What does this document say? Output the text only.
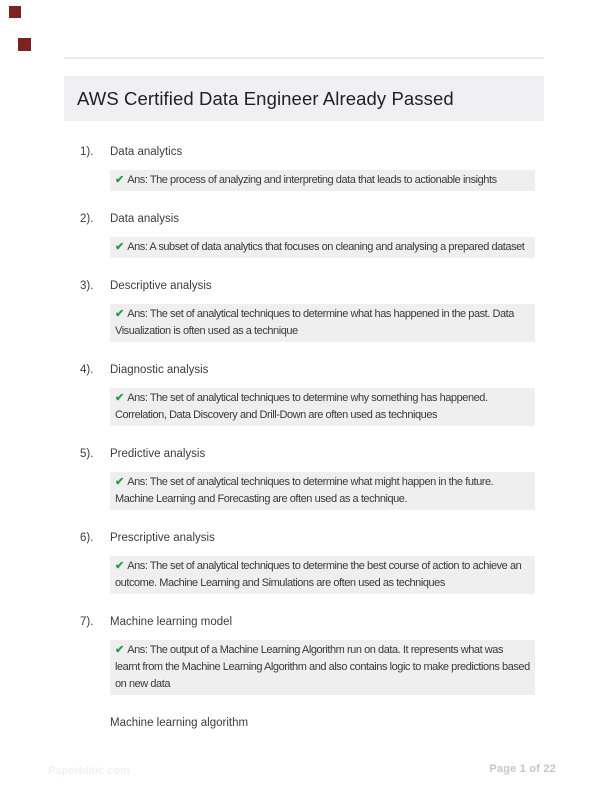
AWS Certified Data Engineer Already Passed
1). Data analytics
✔ Ans: The process of analyzing and interpreting data that leads to actionable insights
2). Data analysis
✔ Ans: A subset of data analytics that focuses on cleaning and analysing a prepared dataset
3). Descriptive analysis
✔ Ans: The set of analytical techniques to determine what has happened in the past. Data Visualization is often used as a technique
4). Diagnostic analysis
✔ Ans: The set of analytical techniques to determine why something has happened. Correlation, Data Discovery and Drill-Down are often used as techniques
5). Predictive analysis
✔ Ans: The set of analytical techniques to determine what might happen in the future. Machine Learning and Forecasting are often used as a technique.
6). Prescriptive analysis
✔ Ans: The set of analytical techniques to determine the best course of action to achieve an outcome. Machine Learning and Simulations are often used as techniques
7). Machine learning model
✔ Ans: The output of a Machine Learning Algorithm run on data. It represents what was learnt from the Machine Learning Algorithm and also contains logic to make predictions based on new data
Machine learning algorithm
Paperblitic.com	Page 1 of 22
